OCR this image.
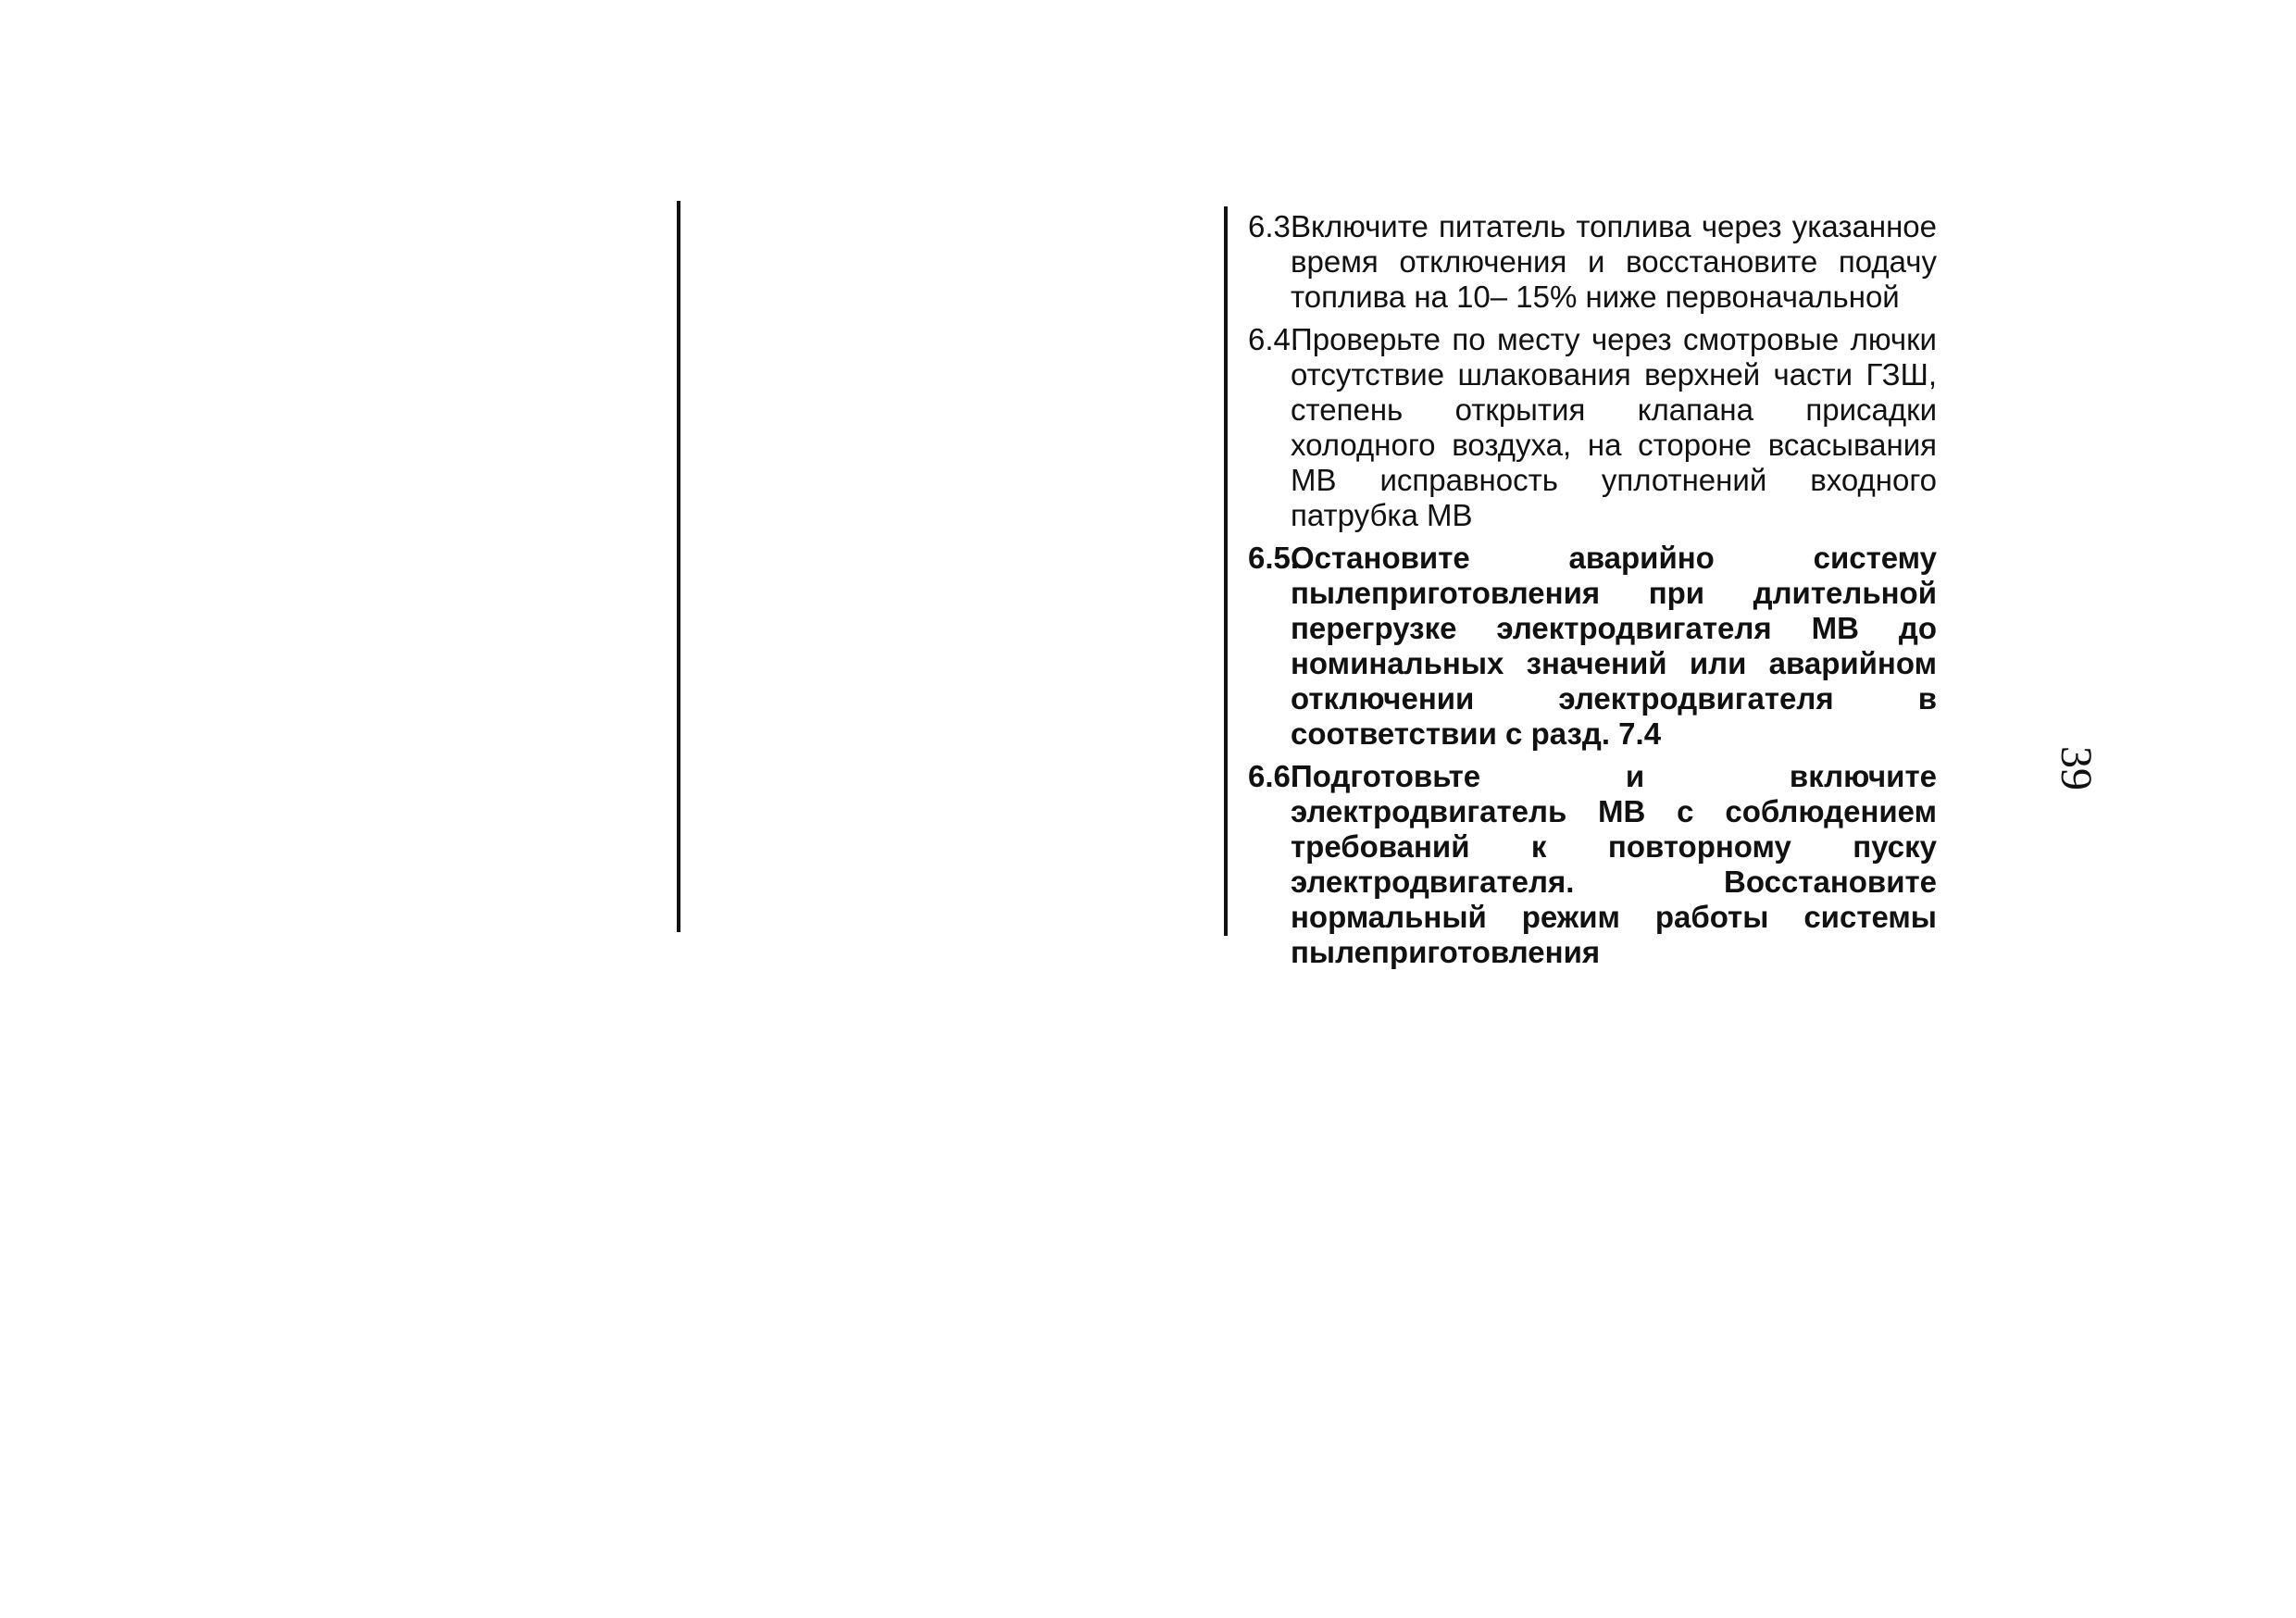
6.3.
Включите питатель топлива через указанное время отключения и восстановите подачу топлива на 10– 15% ниже первоначальной
6.4.
Проверьте по месту через смотровые лючки отсутствие шлакования верхней части ГЗШ, степень открытия клапана присадки холодного воздуха, на стороне всасывания МВ исправность уплотнений входного патрубка МВ
6.5.
Остановите аварийно систему пылеприготовления при длительной перегрузке электродвигателя МВ до номинальных значений или аварийном отключении электродвигателя в соответствии с разд. 7.4
6.6.
Подготовьте и включите электродвигатель МВ с соблюдением требований к повторному пуску электродвигателя. Восстановите нормальный режим работы системы пылеприготовления
39
